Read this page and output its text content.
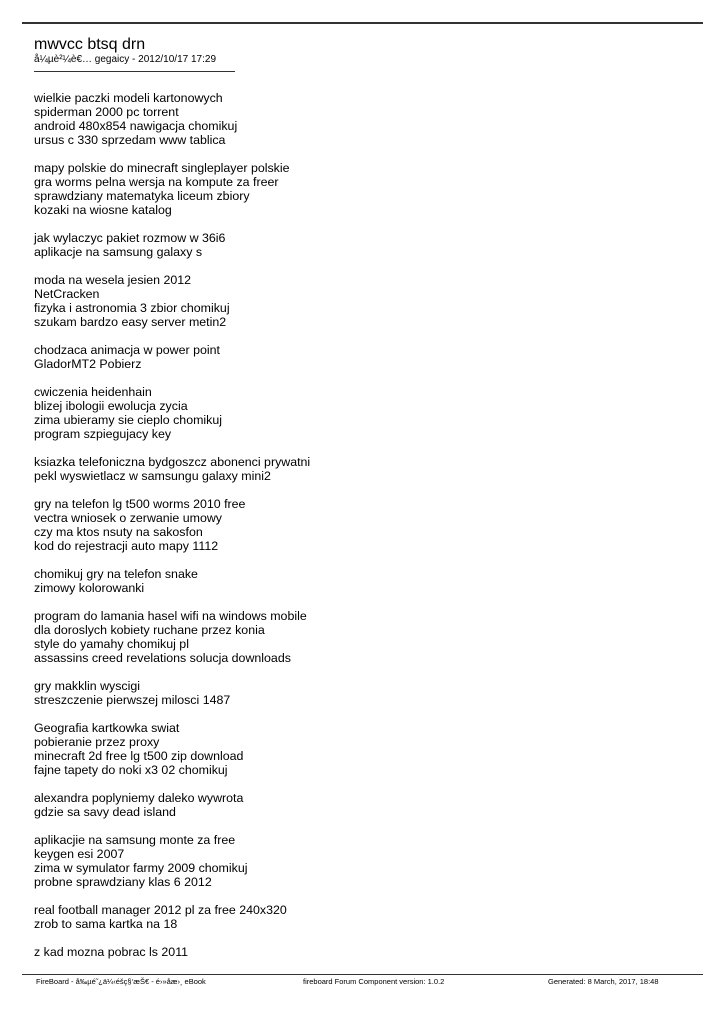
mwvcc btsq drn

å¼µè²¼è€… gegaicy - 2012/10/17 17:29

wielkie paczki modeli kartonowych
spiderman 2000 pc torrent
android 480x854 nawigacja chomikuj
ursus c 330 sprzedam www tablica
mapy polskie do minecraft singleplayer polskie
gra worms pelna wersja na kompute za freer
sprawdziany matematyka liceum zbiory
kozaki na wiosne katalog
jak wylaczyc pakiet rozmow w 36i6
aplikacje na samsung galaxy s
moda na wesela jesien 2012
NetCracken
fizyka i astronomia 3 zbior chomikuj
szukam bardzo easy server metin2
chodzaca animacja w power point
GladorMT2 Pobierz
cwiczenia heidenhain
blizej ibologii ewolucja zycia
zima ubieramy sie cieplo chomikuj
program szpiegujacy key
ksiazka telefoniczna bydgoszcz abonenci prywatni
pekl wyswietlacz w samsungu galaxy mini2
gry na telefon lg t500 worms 2010 free
vectra wniosek o zerwanie umowy
czy ma ktos nsuty na sakosfon
kod do rejestracji auto mapy 1112
chomikuj gry na telefon snake
zimowy kolorowanki
program do lamania hasel wifi na windows mobile
dla doroslych kobiety ruchane przez konia
style do yamahy chomikuj pl
assassins creed revelations solucja downloads
gry makklin wyscigi
streszczenie pierwszej milosci 1487
Geografia kartkowka swiat
pobieranie przez proxy
minecraft 2d free lg t500 zip download
fajne tapety do noki x3 02 chomikuj
alexandra poplyniemy daleko wywrota
gdzie sa savy dead island
aplikacjie na samsung monte za free
keygen esi 2007
zima w symulator farmy 2009 chomikuj
probne sprawdziany klas 6 2012
real football manager 2012 pl za free 240x320
zrob to sama kartka na 18
z kad mozna pobrac ls 2011
FireBoard - å‰µé˜¿ä¼‹éšç§‘æŠ€ - é›»åæ›¸ eBook	fireboard Forum Component version: 1.0.2	Generated: 8 March, 2017, 18:48
